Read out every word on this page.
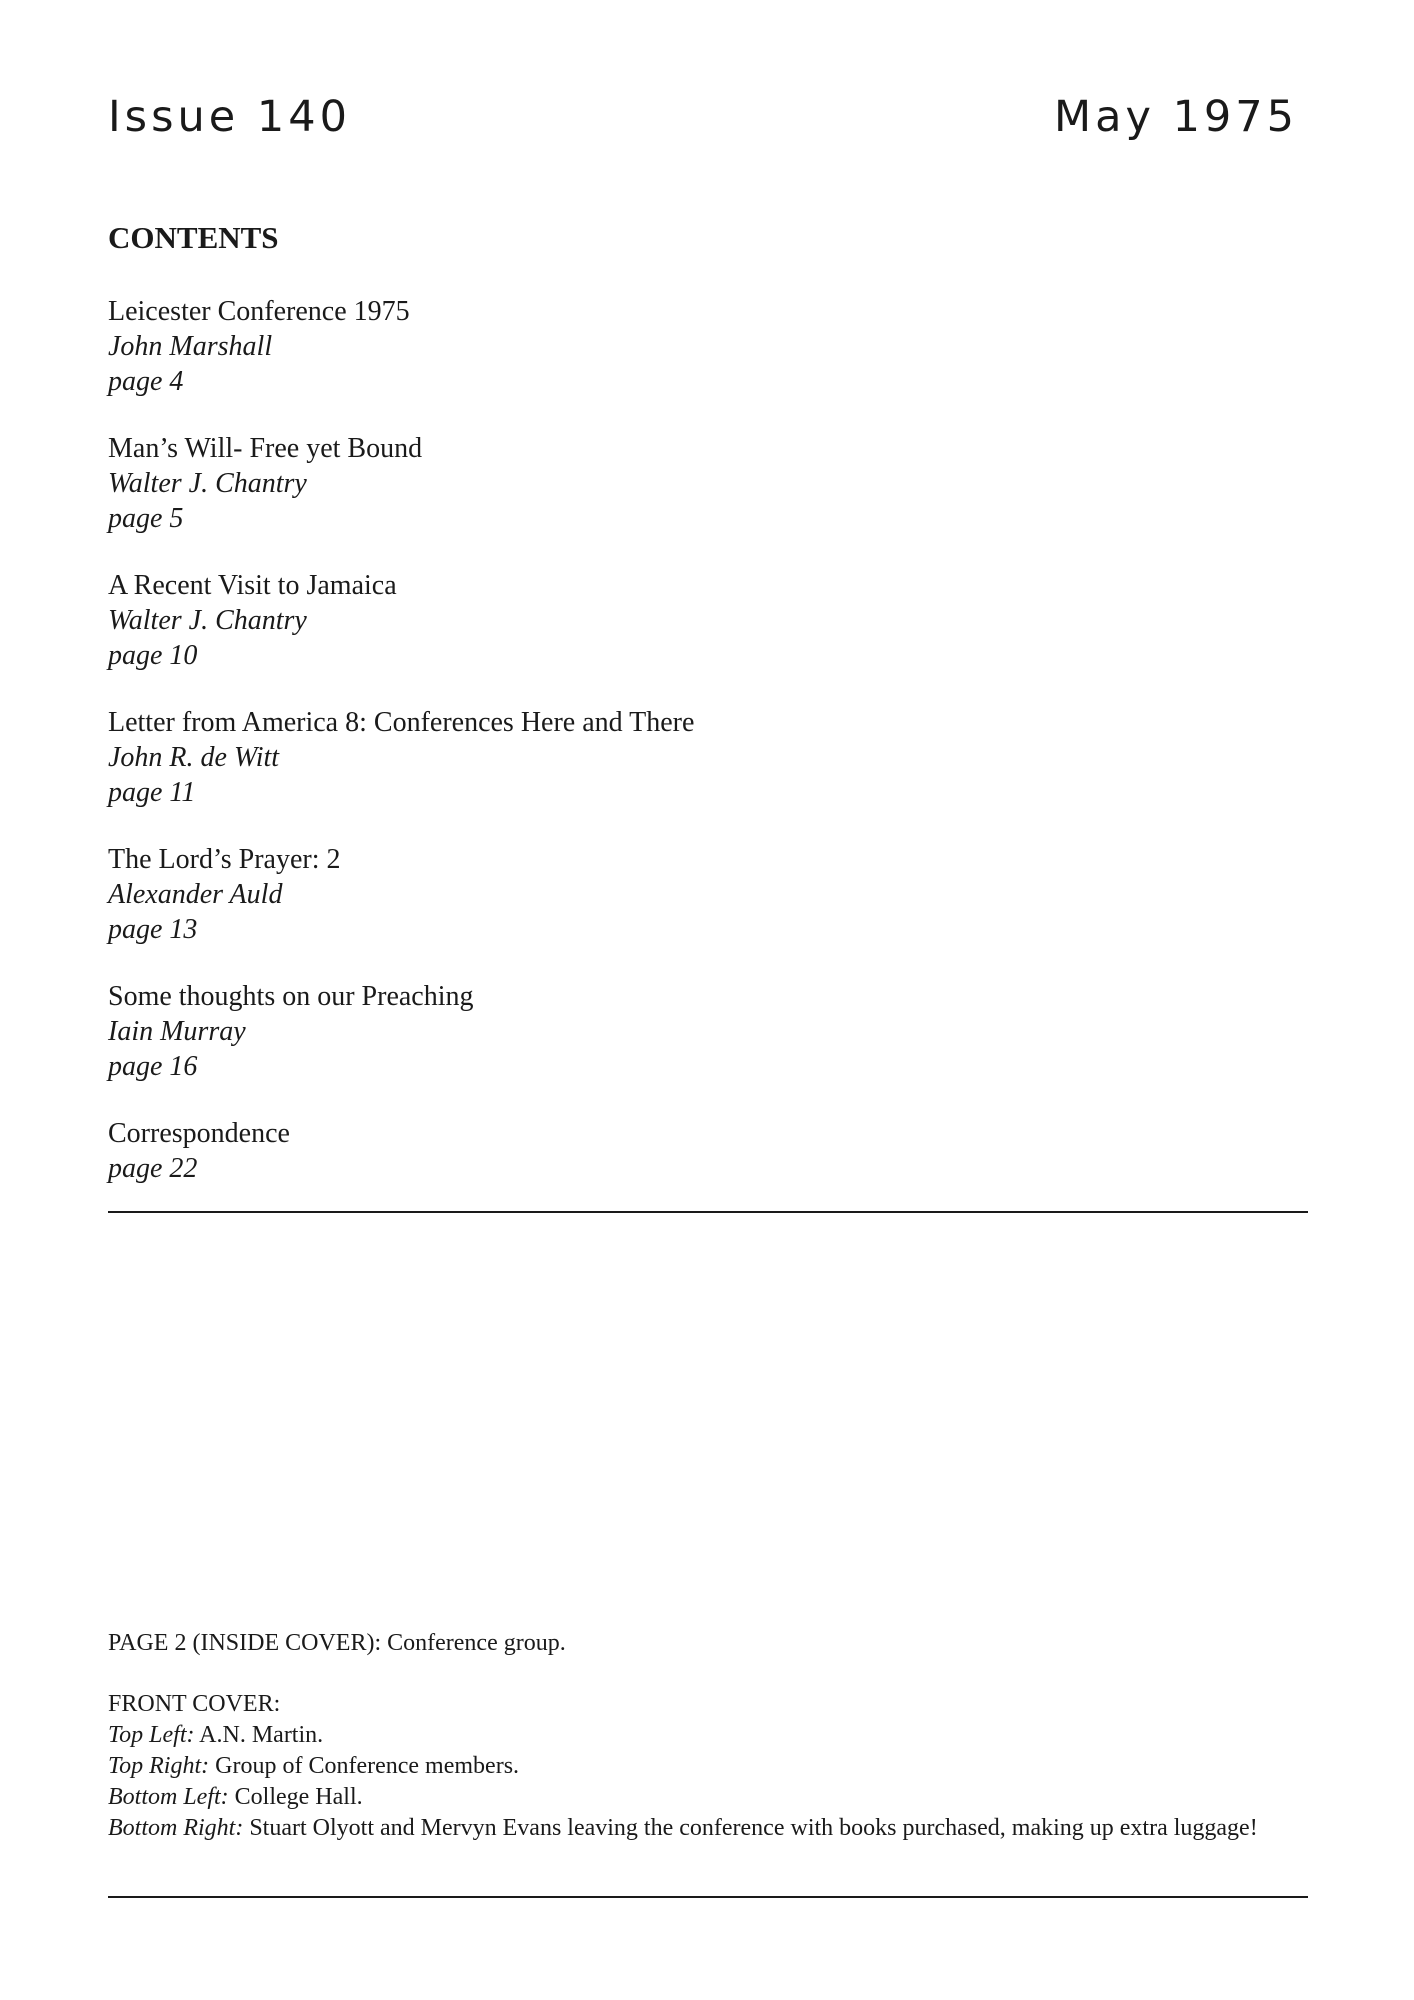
Issue 140	May 1975
CONTENTS
Leicester Conference 1975
John Marshall
page 4
Man’s Will- Free yet Bound
Walter J. Chantry
page 5
A Recent Visit to Jamaica
Walter J. Chantry
page 10
Letter from America 8: Conferences Here and There
John R. de Witt
page 11
The Lord’s Prayer: 2
Alexander Auld
page 13
Some thoughts on our Preaching
Iain Murray
page 16
Correspondence
page 22
PAGE 2 (INSIDE COVER): Conference group.
FRONT COVER:
Top Left: A.N. Martin.
Top Right: Group of Conference members.
Bottom Left: College Hall.
Bottom Right: Stuart Olyott and Mervyn Evans leaving the conference with books purchased, making up extra luggage!
